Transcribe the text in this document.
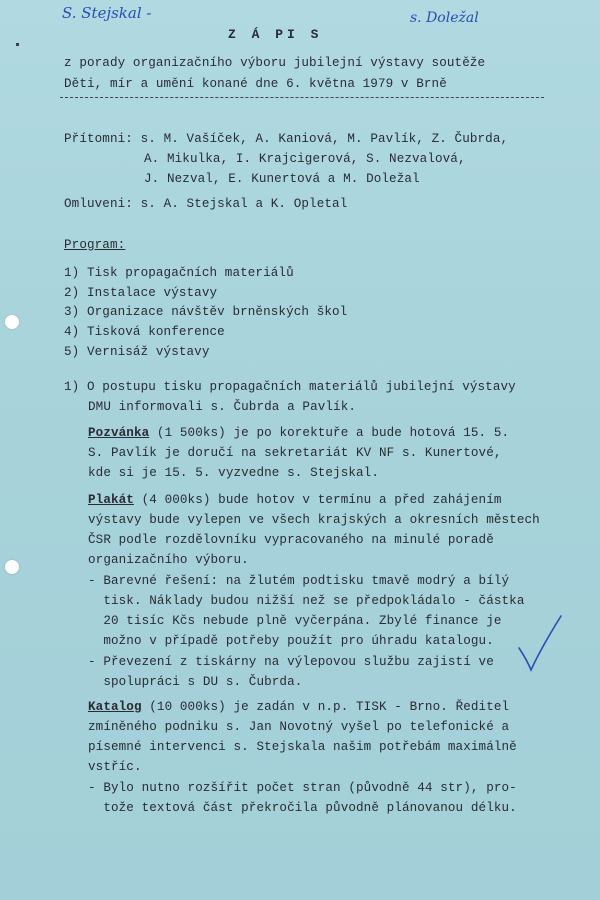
S. Stejskal -	s. Doležal
Z Á PI S
z porady organizačního výboru jubilejní výstavy soutěže
Děti, mír a umění konané dne 6. května 1979 v Brně
Přítomni: s. M. Vašíček, A. Kaniová, M. Pavlík, Z. Čubrda,
A. Mikulka, I. Krajcigerová, S. Nezvalová,
J. Nezval, E. Kunertová a M. Doležal
Omluveni: s. A. Stejskal a K. Opletal
Program:
1) Tisk propagačních materiálů
2) Instalace výstavy
3) Organizace návštěv brněnských škol
4) Tisková konference
5) Vernisáž výstavy
1) O postupu tisku propagačních materiálů jubilejní výstavy
DMU informovali s. Čubrda a Pavlík.
Pozvánka (1 500ks) je po korektuře a bude hotová 15. 5.
S. Pavlík je doručí na sekretariát KV NF s. Kunertové,
kde si je 15. 5. vyzvedne s. Stejskal.
Plakát (4 000ks) bude hotov v termínu a před zahájením
výstavy bude vylepen ve všech krajských a okresních městech
ČSR podle rozdělovníku vypracovaného na minulé poradě
organizačního výboru.
- Barevné řešení: na žlutém podtisku tmavě modrý a bílý
tisk. Náklady budou nižší než se předpokládalo - částka
20 tisíc Kčs nebude plně vyčerpána. Zbylé finance je
možno v případě potřeby použít pro úhradu katalogu.
- Převezení z tiskárny na výlepovou službu zajistí ve
spolupráci s DU s. Čubrda.
Katalog (10 000ks) je zadán v n.p. TISK - Brno. Ředitel
zmíněného podniku s. Jan Novotný vyšel po telefonické a
písemné intervenci s. Stejskala našim potřebám maximálně
vstříc.
- Bylo nutno rozšířit počet stran (původně 44 str), pro-
tože textová část překročila původně plánovanou délku.
